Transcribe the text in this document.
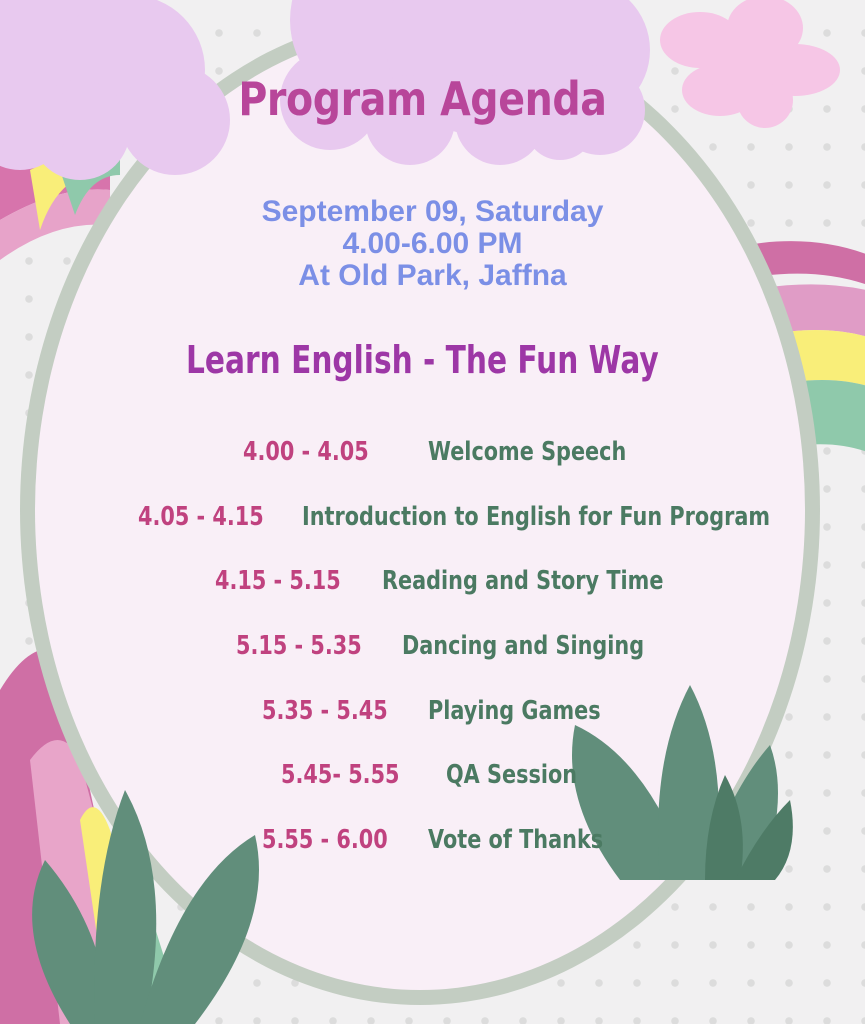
Program Agenda
September 09, Saturday
4.00-6.00 PM
At Old Park, Jaffna
Learn English - The Fun Way
4.00 - 4.05 Welcome Speech
4.05 - 4.15 Introduction to English for Fun Program
4.15 - 5.15 Reading and Story Time
5.15 - 5.35 Dancing and Singing
5.35 - 5.45 Playing Games
5.45- 5.55 QA Session
5.55 - 6.00 Vote of Thanks
